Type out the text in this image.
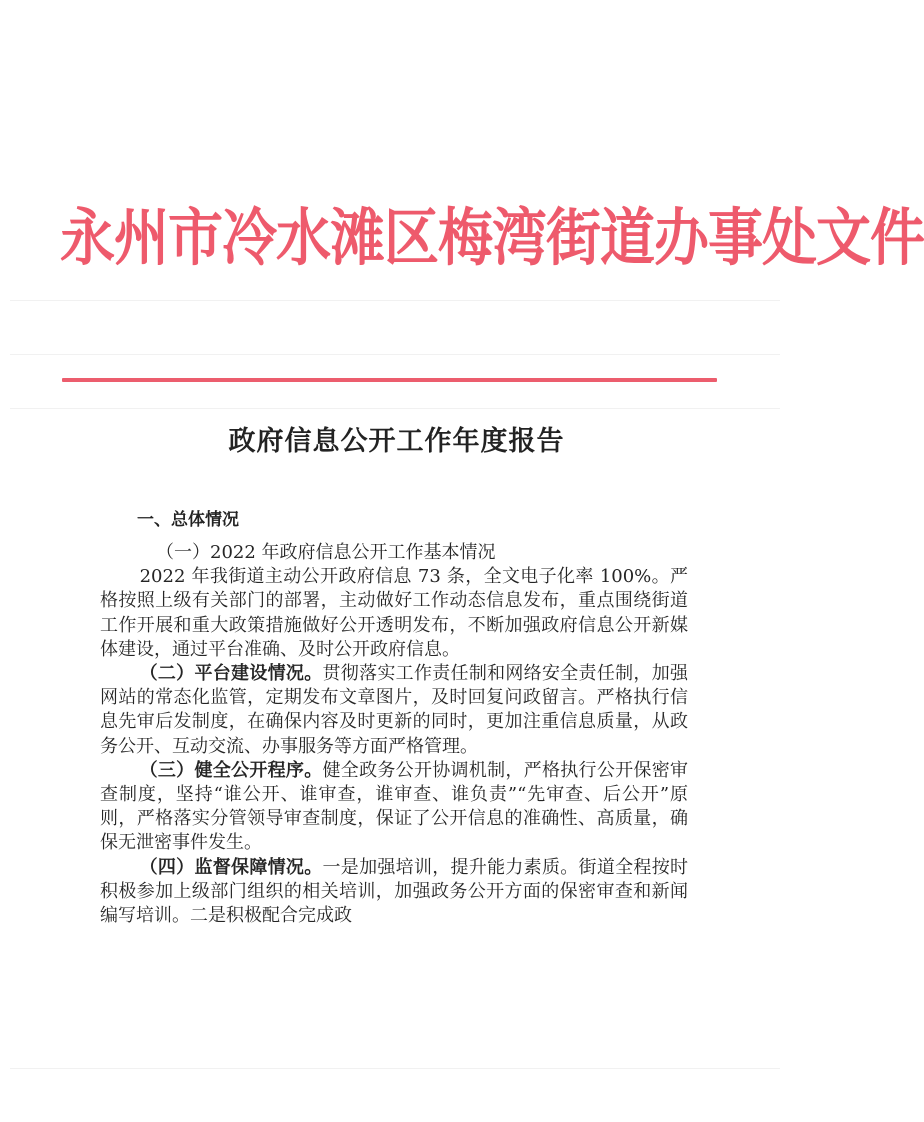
永州市冷水滩区梅湾街道办事处文件
政府信息公开工作年度报告
一、总体情况

（一）2022 年政府信息公开工作基本情况

2022 年我街道主动公开政府信息 73 条，全文电子化率 100%。严格按照上级有关部门的部署，主动做好工作动态信息发布，重点围绕街道工作开展和重大政策措施做好公开透明发布，不断加强政府信息公开新媒体建设，通过平台准确、及时公开政府信息。

（二）平台建设情况。贯彻落实工作责任制和网络安全责任制，加强网站的常态化监管，定期发布文章图片，及时回复问政留言。严格执行信息先审后发制度，在确保内容及时更新的同时，更加注重信息质量，从政务公开、互动交流、办事服务等方面严格管理。

（三）健全公开程序。健全政务公开协调机制，严格执行公开保密审查制度，坚持“谁公开、谁审查，谁审查、谁负责”“先审查、后公开”原则，严格落实分管领导审查制度，保证了公开信息的准确性、高质量，确保无泄密事件发生。

（四）监督保障情况。一是加强培训，提升能力素质。街道全程按时积极参加上级部门组织的相关培训，加强政务公开方面的保密审查和新闻编写培训。二是积极配合完成政
